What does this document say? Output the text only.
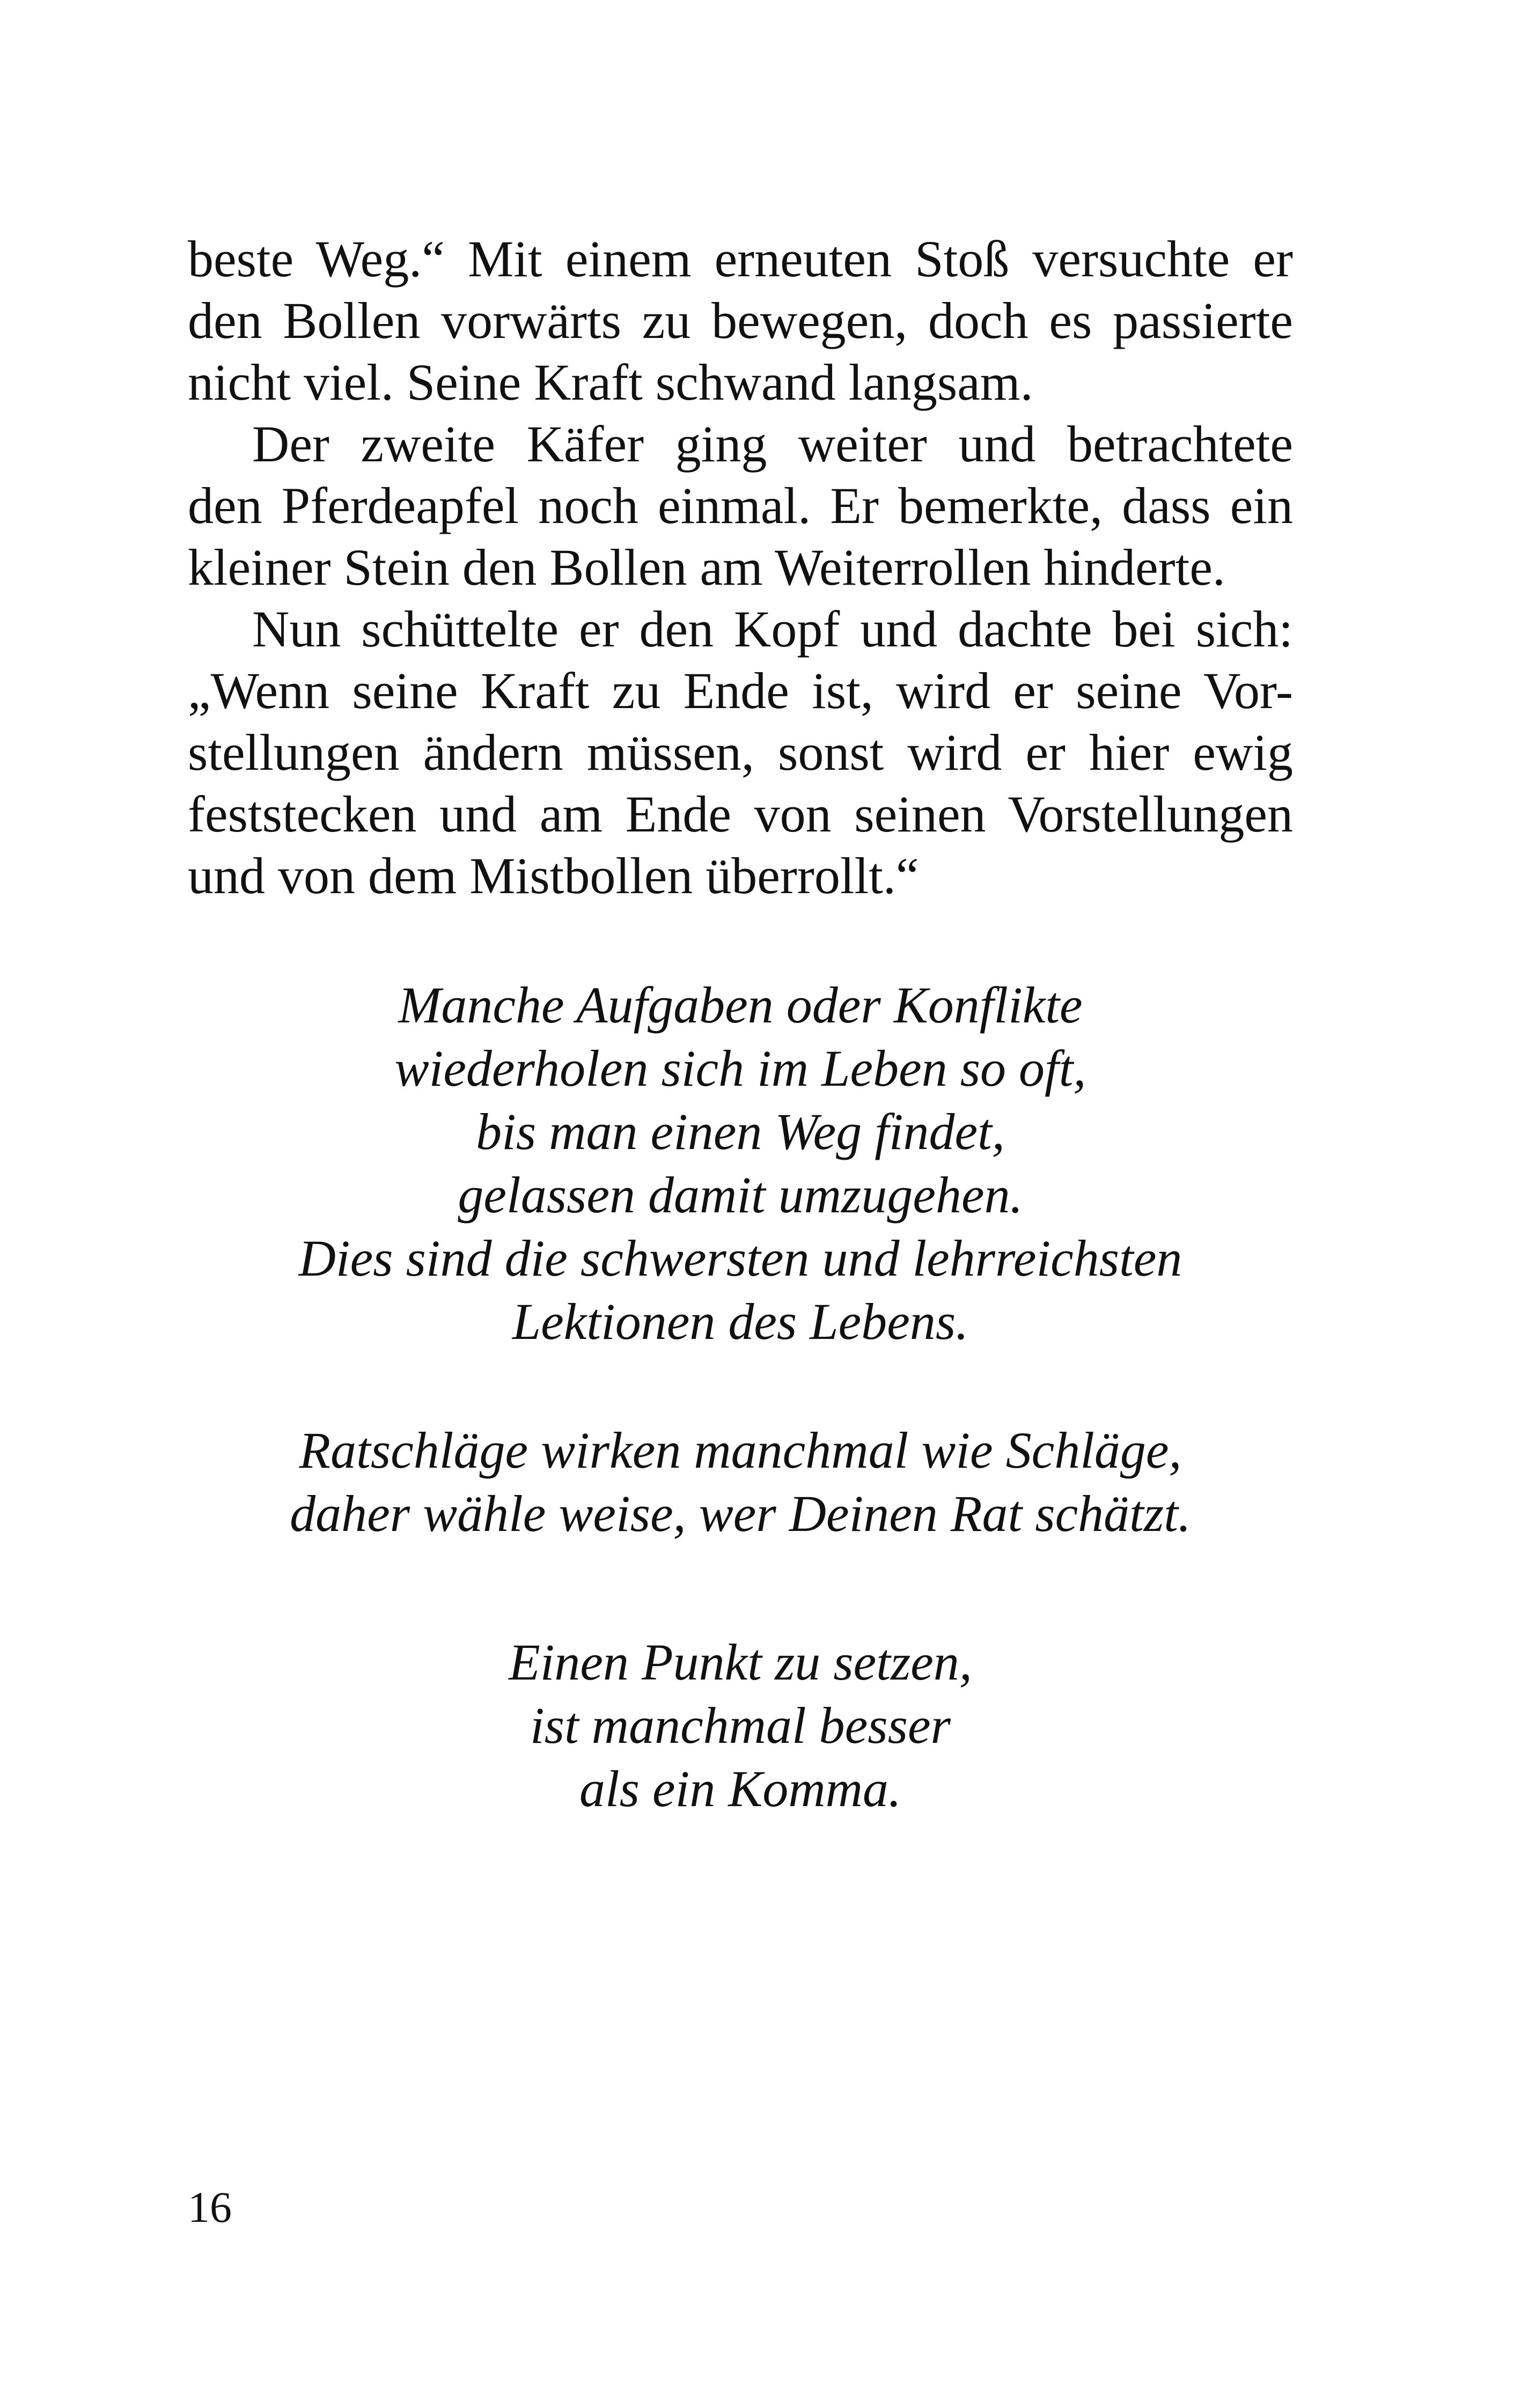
beste Weg.“ Mit einem erneuten Stoß versuchte er
den Bollen vorwärts zu bewegen, doch es passierte
nicht viel. Seine Kraft schwand langsam.
Der zweite Käfer ging weiter und betrachtete
den Pferdeapfel noch einmal. Er bemerkte, dass ein
kleiner Stein den Bollen am Weiterrollen hinderte.
Nun schüttelte er den Kopf und dachte bei sich:
„Wenn seine Kraft zu Ende ist, wird er seine Vor-
stellungen ändern müssen, sonst wird er hier ewig
feststecken und am Ende von seinen Vorstellungen
und von dem Mistbollen überrollt.“
Manche Aufgaben oder Konflikte
wiederholen sich im Leben so oft,
bis man einen Weg findet,
gelassen damit umzugehen.
Dies sind die schwersten und lehrreichsten
Lektionen des Lebens.
Ratschläge wirken manchmal wie Schläge,
daher wähle weise, wer Deinen Rat schätzt.
Einen Punkt zu setzen,
ist manchmal besser
als ein Komma.
16
